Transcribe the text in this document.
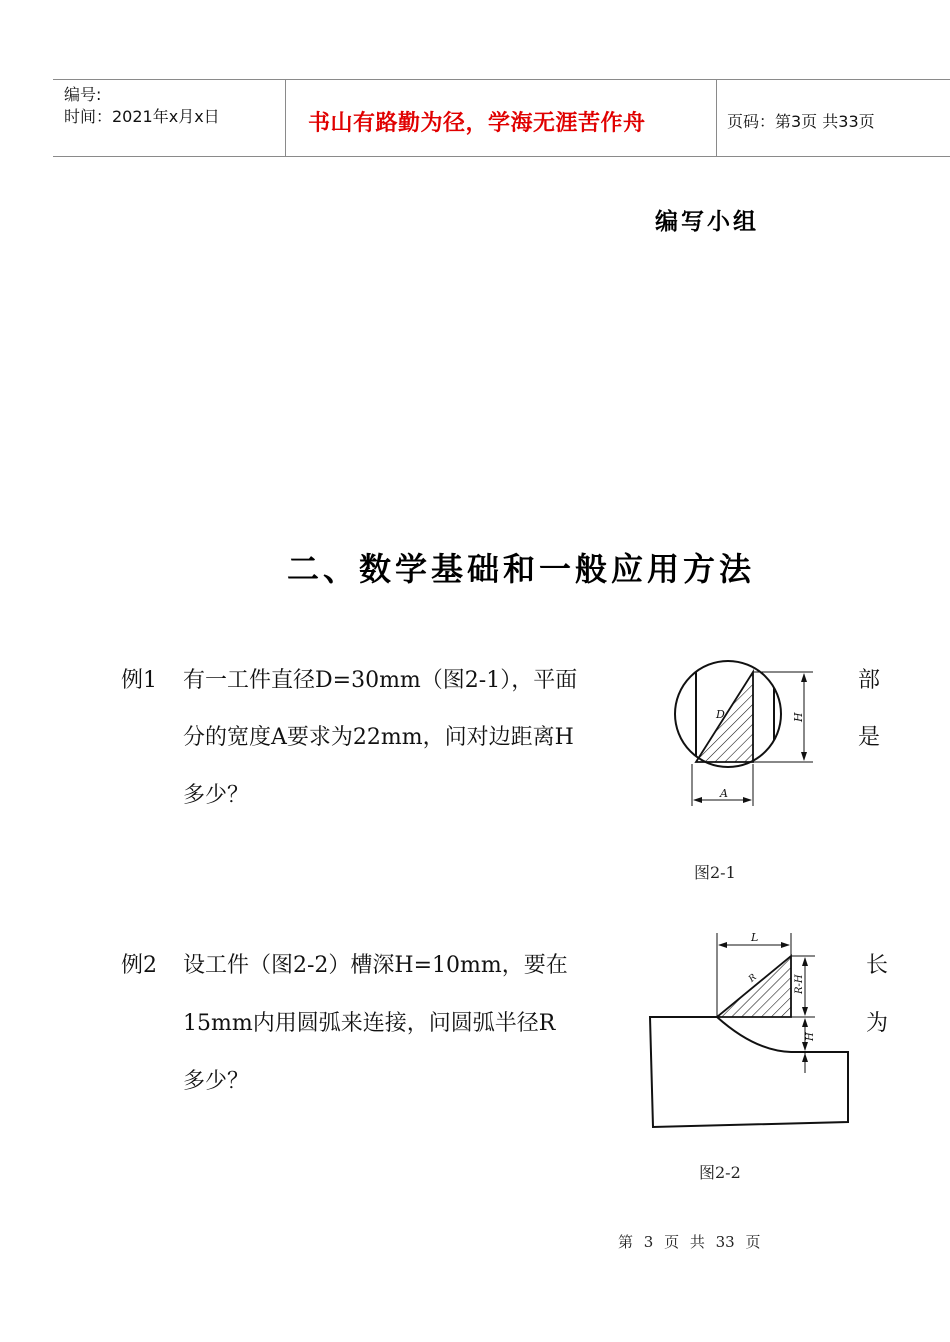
编号:
时间：2021年x月x日	书山有路勤为径，学海无涯苦作舟	页码：第3页 共33页
编写小组
二、数学基础和一般应用方法
例1 有一工件直径D=30mm（图2-1），平面
分的宽度A要求为22mm，问对边距离H
多少？
部
是
D	H
A
图2-1
例2 设工件（图2-2）槽深H=10mm，要在
15mm内用圆弧来连接，问圆弧半径R
多少？
长
为
L
R	R-H
H
图2-2
第 3 页 共 33 页
